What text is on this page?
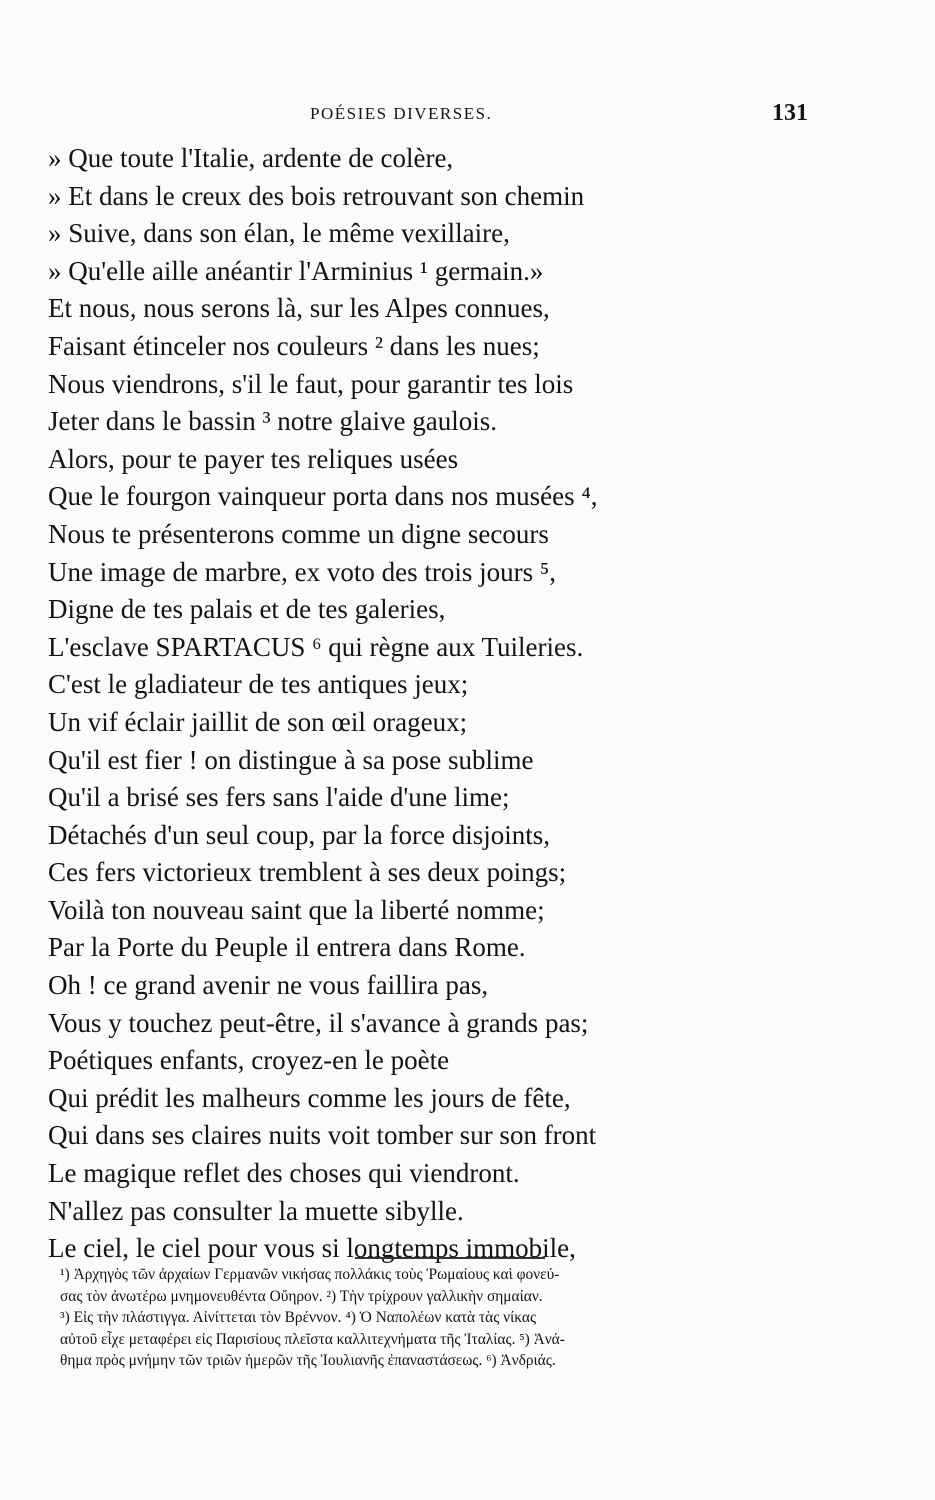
POÉSIES DIVERSES.	131
» Que toute l'Italie, ardente de colère,
» Et dans le creux des bois retrouvant son chemin
» Suive, dans son élan, le même vexillaire,
» Qu'elle aille anéantir l'Arminius ¹ germain.»
Et nous, nous serons là, sur les Alpes connues,
Faisant étinceler nos couleurs ² dans les nues;
Nous viendrons, s'il le faut, pour garantir tes lois
Jeter dans le bassin ³ notre glaive gaulois.
Alors, pour te payer tes reliques usées
Que le fourgon vainqueur porta dans nos musées ⁴,
Nous te présenterons comme un digne secours
Une image de marbre, ex voto des trois jours ⁵,
Digne de tes palais et de tes galeries,
L'esclave SPARTACUS ⁶ qui règne aux Tuileries.
C'est le gladiateur de tes antiques jeux;
Un vif éclair jaillit de son œil orageux;
Qu'il est fier ! on distingue à sa pose sublime
Qu'il a brisé ses fers sans l'aide d'une lime;
Détachés d'un seul coup, par la force disjoints,
Ces fers victorieux tremblent à ses deux poings;
Voilà ton nouveau saint que la liberté nomme;
Par la Porte du Peuple il entrera dans Rome.
Oh ! ce grand avenir ne vous faillira pas,
Vous y touchez peut-être, il s'avance à grands pas;
Poétiques enfants, croyez-en le poète
Qui prédit les malheurs comme les jours de fête,
Qui dans ses claires nuits voit tomber sur son front
Le magique reflet des choses qui viendront.
N'allez pas consulter la muette sibylle.
Le ciel, le ciel pour vous si longtemps immobile,
¹) Ἀρχηγὸς τῶν ἀρχαίων Γερμανῶν νικήσας πολλάκις τοὺς Ῥωμαίους καὶ φονεύ-
σας τὸν ἀνωτέρω μνημονευθέντα Οὔηρον. ²) Τὴν τρίχρουν γαλλικὴν σημαίαν.
³) Εἰς τὴν πλάστιγγα. Αἰνίττεται τὸν Βρέννον. ⁴) Ὁ Ναπολέων κατὰ τὰς νίκας
αὐτοῦ εἶχε μεταφέρει εἰς Παρισίους πλεῖστα καλλιτεχνήματα τῆς Ἰταλίας. ⁵) Ἀνά-
θημα πρὸς μνήμην τῶν τριῶν ἡμερῶν τῆς Ἰουλιανῆς ἐπαναστάσεως. ⁶) Ἀνδριάς.
